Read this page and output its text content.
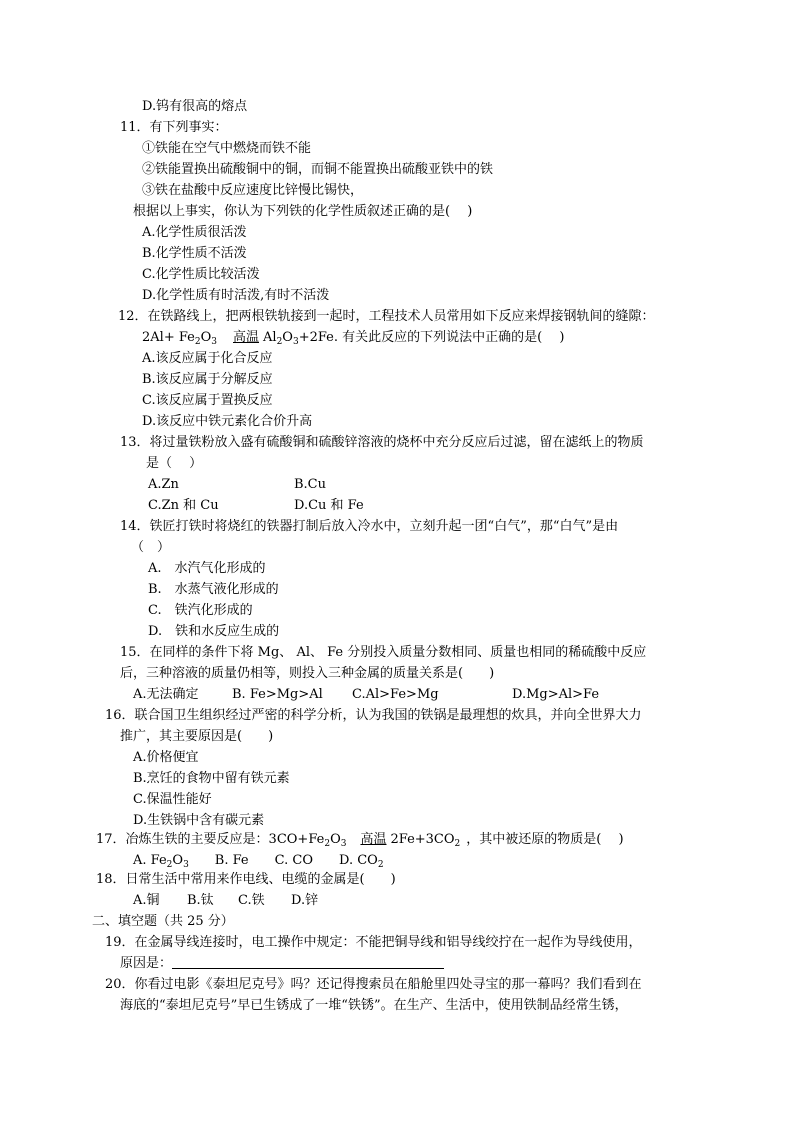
D.钨有很高的熔点
11．有下列事实：
①铁能在空气中燃烧而铁不能
②铁能置换出硫酸铜中的铜，而铜不能置换出硫酸亚铁中的铁
③铁在盐酸中反应速度比锌慢比锡快，
根据以上事实，你认为下列铁的化学性质叙述正确的是(　 )
A.化学性质很活泼
B.化学性质不活泼
C.化学性质比较活泼
D.化学性质有时活泼,有时不活泼
12．在铁路线上，把两根铁轨接到一起时，工程技术人员常用如下反应来焊接钢轨间的缝隙：
$2Al+ Fe_2O_3$ 高温 $Al_2O_3+2Fe$. 有关此反应的下列说法中正确的是(　 )
A.该反应属于化合反应
B.该反应属于分解反应
C.该反应属于置换反应
D.该反应中铁元素化合价升高
13．将过量铁粉放入盛有硫酸铜和硫酸锌溶液的烧杯中充分反应后过滤，留在滤纸上的物质
是（　 ）
A.Zn	B.Cu
C.Zn 和 Cu	D.Cu 和 Fe
14．铁匠打铁时将烧红的铁器打制后放入冷水中，立刻升起一团“白气”，那“白气”是由
（　）
A.　水汽气化形成的
B.　水蒸气液化形成的
C.　铁汽化形成的
D.　铁和水反应生成的
15．在同样的条件下将 Mg、 Al、 Fe 分别投入质量分数相同、质量也相同的稀硫酸中反应
后，三种溶液的质量仍相等，则投入三种金属的质量关系是(　　)
A.无法确定	B. Fe>Mg>Al C.Al>Fe>Mg	D.Mg>Al>Fe
16．联合国卫生组织经过严密的科学分析，认为我国的铁锅是最理想的炊具，并向全世界大力
推广，其主要原因是(　　)
A.价格便宜
B.烹饪的食物中留有铁元素
C.保温性能好
D.生铁锅中含有碳元素
17．冶炼生铁的主要反应是：$3CO+Fe_2O_3$ 高温 $2Fe+3CO_2$ ，其中被还原的物质是(　 )
A. $Fe_2O_3$ B. Fe C. CO D. $CO_2$
18．日常生活中常用来作电线、电缆的金属是(　　)
A.铜 B.钛 C.铁 D.锌
二、填空题（共 25 分）
19．在金属导线连接时，电工操作中规定：不能把铜导线和铝导线绞拧在一起作为导线使用，
原因是：
20．你看过电影《泰坦尼克号》吗？还记得搜索员在船舱里四处寻宝的那一幕吗？我们看到在
海底的“泰坦尼克号”早已生锈成了一堆“铁锈”。在生产、生活中，使用铁制品经常生锈，
